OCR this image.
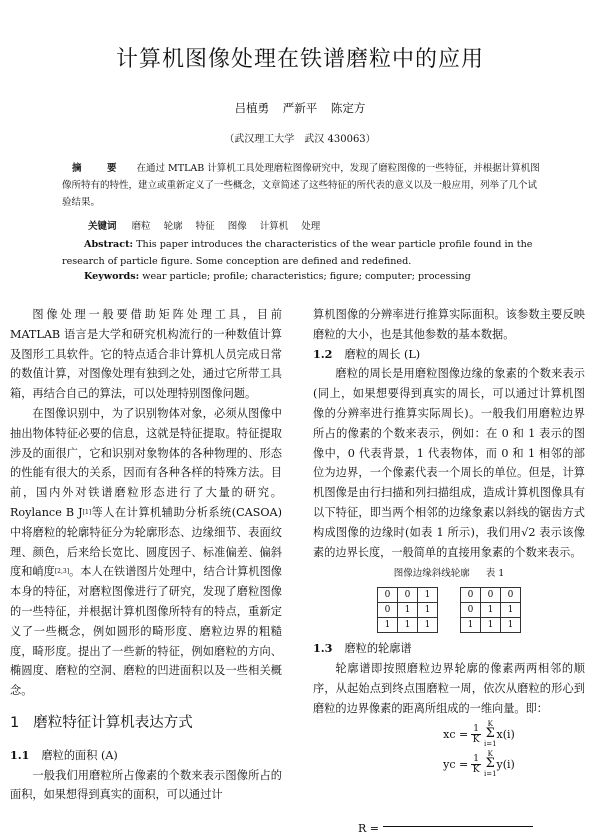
计算机图像处理在铁谱磨粒中的应用
吕植勇 严新平 陈定方
（武汉理工大学　武汉 430063）
摘　要 在通过 MTLAB 计算机工具处理磨粒图像研究中，发现了磨粒图像的一些特征，并根据计算机图像所特有的特性，建立或重新定义了一些概念，文章简述了这些特征的所代表的意义以及一般应用，列举了几个试验结果。
关键词 磨粒 轮廓 特征 图像 计算机 处理
Abstract: This paper introduces the characteristics of the wear particle profile found in the research of particle figure. Some conception are defined and redefined.
Keywords: wear particle; profile; characteristics; figure; computer; processing

图像处理一般要借助矩阵处理工具，目前 MATLAB 语言是大学和研究机构流行的一种数值计算及图形工具软件。它的特点适合非计算机人员完成日常的数值计算，对图像处理有独到之处，通过它所带工具箱，再结合自己的算法，可以处理特别图像问题。

在图像识别中，为了识别物体对象，必须从图像中抽出物体特征必要的信息，这就是特征提取。特征提取涉及的面很广，它和识别对象物体的各种物理的、形态的性能有很大的关系，因而有各种各样的特殊方法。目前，国内外对铁谱磨粒形态进行了大量的研究。Roylance B J[1]等人在计算机辅助分析系统(CASOA)中将磨粒的轮廓特征分为轮廓形态、边缘细节、表面纹理、颜色，后来给长宽比、圆度因子、标准偏差、偏斜度和峭度[2,3]。本人在铁谱图片处理中，结合计算机图像本身的特征，对磨粒图像进行了研究，发现了磨粒图像的一些特征，并根据计算机图像所特有的特点，重新定义了一些概念，例如圆形的畸形度、磨粒边界的粗糙度，畸形度。提出了一些新的特征，例如磨粒的方向、椭圆度、磨粒的空洞、磨粒的凹进面积以及一些相关概念。

1 磨粒特征计算机表达方式
1.1 磨粒的面积 (A)

一般我们用磨粒所占像素的个数来表示图像所占的面积，如果想得到真实的面积，可以通过计

算机图像的分辨率进行推算实际面积。该参数主要反映磨粒的大小，也是其他参数的基本数据。

1.2 磨粒的周长 (L)

磨粒的周长是用磨粒图像边缘的象素的个数来表示(同上，如果想要得到真实的周长，可以通过计算机图像的分辨率进行推算实际周长)。一般我们用磨粒边界所占的像素的个数来表示，例如：在 0 和 1 表示的图像中，0 代表背景，1 代表物体，而 0 和 1 相邻的部位为边界，一个像素代表一个周长的单位。但是，计算机图像是由行扫描和列扫描组成，造成计算机图像具有以下特征，即当两个相邻的边缘象素以斜线的锯齿方式构成图像的边缘时(如表 1 所示)，我们用√2 表示该像素的边界长度，一般简单的直接用象素的个数来表示。

图像边缘斜线轮廓 表 1
0	0	1
0	1	1
1	1	1
0	0	0
0	1	1
1	1	1
1.3 磨粒的轮廓谱

轮廓谱即按照磨粒边界轮廓的像素两两相邻的顺序，从起始点到终点围磨粒一周，依次从磨粒的形心到磨粒的边界像素的距离所组成的一维向量。即：

xc = $\frac{1}{K}$ K
Σ
i=1
x(i)
yc = $\frac{1}{K}$ K
Σ
i=1
y(i)
R =
